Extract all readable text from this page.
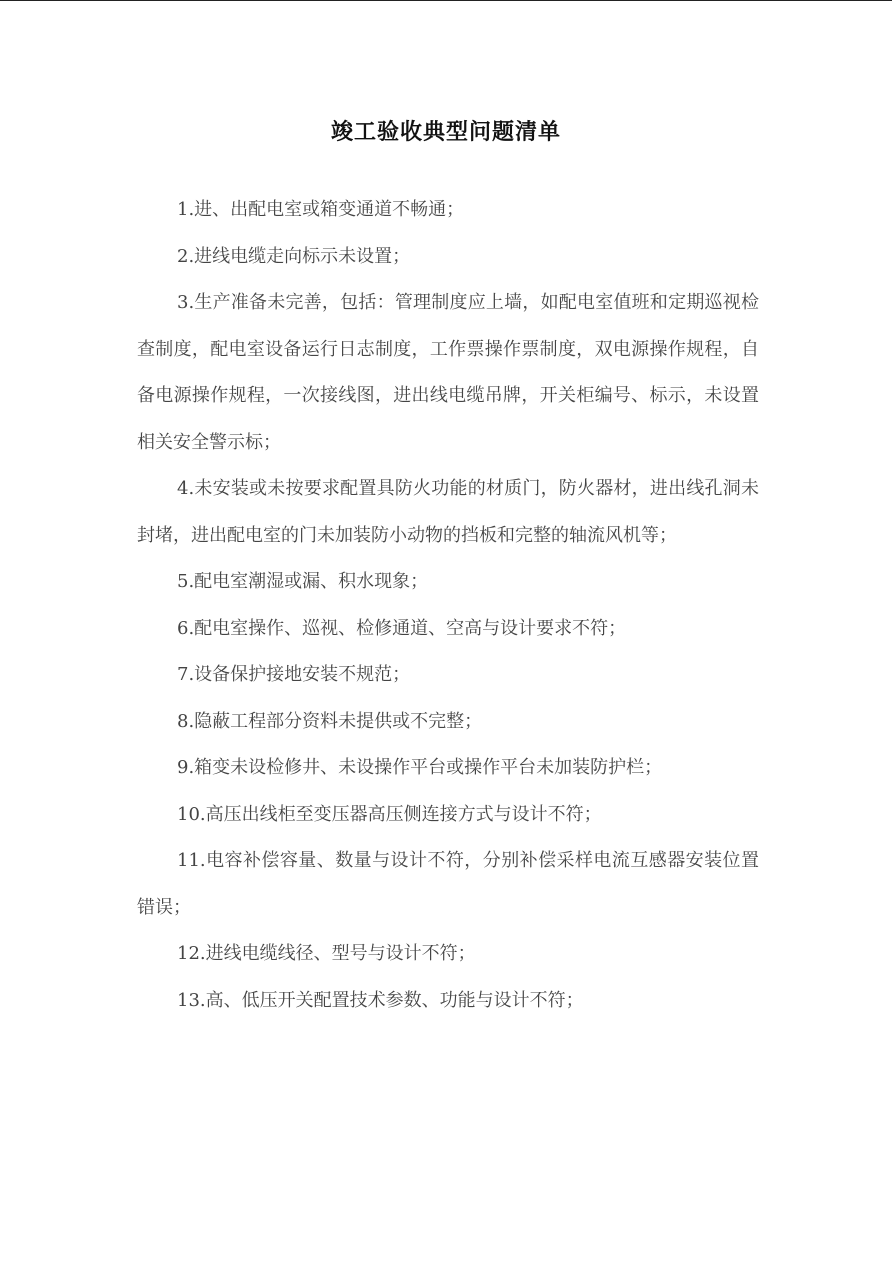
竣工验收典型问题清单

1.进、出配电室或箱变通道不畅通；

2.进线电缆走向标示未设置；

3.生产准备未完善，包括：管理制度应上墙，如配电室值班和定期巡视检查制度，配电室设备运行日志制度，工作票操作票制度，双电源操作规程，自备电源操作规程，一次接线图，进出线电缆吊牌，开关柜编号、标示，未设置相关安全警示标；

4.未安装或未按要求配置具防火功能的材质门，防火器材，进出线孔洞未封堵，进出配电室的门未加装防小动物的挡板和完整的轴流风机等；

5.配电室潮湿或漏、积水现象；

6.配电室操作、巡视、检修通道、空高与设计要求不符；

7.设备保护接地安装不规范；

8.隐蔽工程部分资料未提供或不完整；

9.箱变未设检修井、未设操作平台或操作平台未加装防护栏；

10.高压出线柜至变压器高压侧连接方式与设计不符；

11.电容补偿容量、数量与设计不符，分别补偿采样电流互感器安装位置错误；

12.进线电缆线径、型号与设计不符；

13.高、低压开关配置技术参数、功能与设计不符；
